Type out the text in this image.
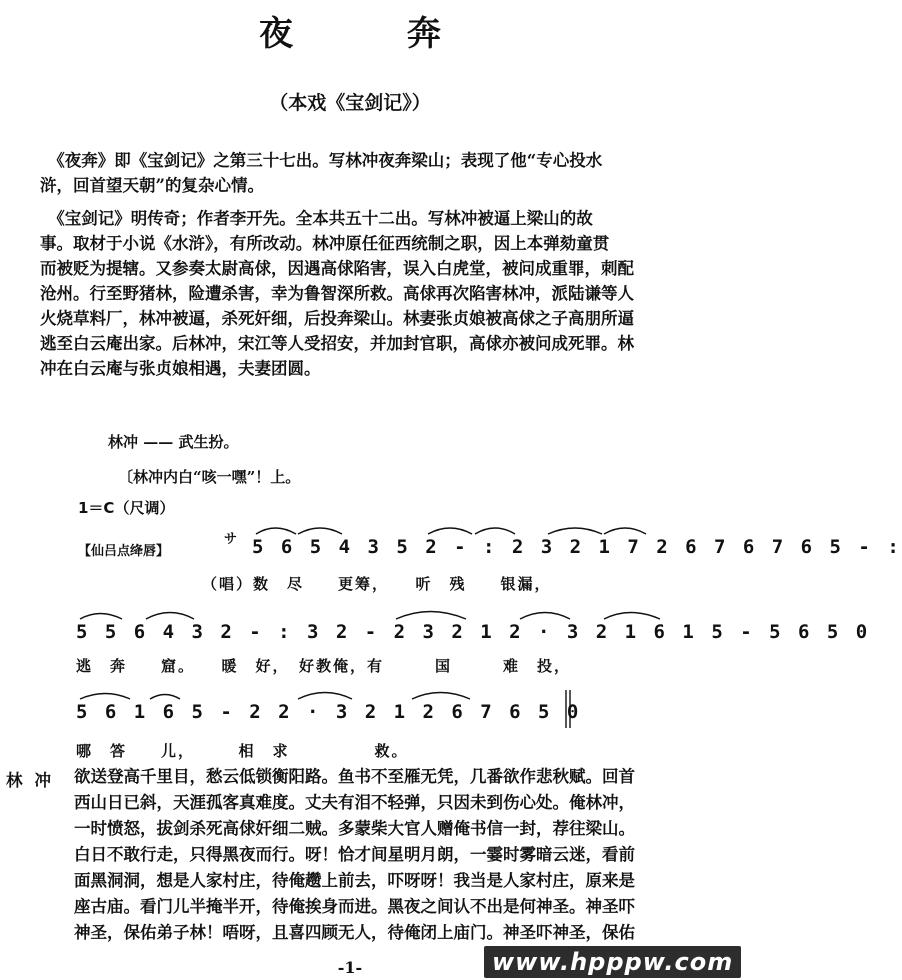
夜　奔
（本戏《宝剑记》）
　《夜奔》即《宝剑记》之第三十七出。写林冲夜奔梁山；表现了他“专心投水
浒，回首望天朝”的复杂心情。
　《宝剑记》明传奇；作者李开先。全本共五十二出。写林冲被逼上梁山的故
事。取材于小说《水浒》，有所改动。林冲原任征西统制之职，因上本弹劾童贯
而被贬为提辖。又参奏太尉高俅，因遇高俅陷害，误入白虎堂，被问成重罪，刺配
沧州。行至野猪林，险遭杀害，幸为鲁智深所救。高俅再次陷害林冲，派陆谦等人
火烧草料厂，林冲被逼，杀死奸细，后投奔梁山。林妻张贞娘被高俅之子高朋所逼
逃至白云庵出家。后林冲，宋江等人受招安，并加封官职，高俅亦被问成死罪。林
冲在白云庵与张贞娘相遇，夫妻团圆。
林冲 —— 武生扮。
〔林冲内白“咳一嘿”！上。
1＝C（尺调）
【仙吕点绛唇】
サ 5 6 5 4 3 5 2 - : 2 3 2 1 7 2 6 7 6 7 6 5 - :
（唱）数　尽　　更筹，　　听　残　　银漏，
5 5 6 4 3 2 - : 3 2 - 2 3 2 1 2 · 3 2 1 6 1 5 - 5 6 5 0
逃　奔　　窟。　　暖　好，　好教俺，有　　　国　　　难　投，
5 6 1 6 5 - 2 2 · 3 2 1 2 6 7 6 5 0
哪　答　　儿，　　　相　求　　　　　救。
林冲 欲送登高千里目，愁云低锁衡阳路。鱼书不至雁无凭，几番欲作悲秋赋。回首
西山日已斜，天涯孤客真难度。丈夫有泪不轻弹，只因未到伤心处。俺林冲，
一时愤怒，拔剑杀死高俅奸细二贼。多蒙柴大官人赠俺书信一封，荐往梁山。
白日不敢行走，只得黑夜而行。呀！恰才间星明月朗，一霎时雾暗云迷，看前
面黑洞洞，想是人家村庄，待俺趱上前去，吓呀呀！我当是人家村庄，原来是
座古庙。看门儿半掩半开，待俺挨身而进。黑夜之间认不出是何神圣。神圣吓
神圣，保佑弟子林！唔呀，且喜四顾无人，待俺闭上庙门。神圣吓神圣，保佑
-1-	www.hpppw.com
